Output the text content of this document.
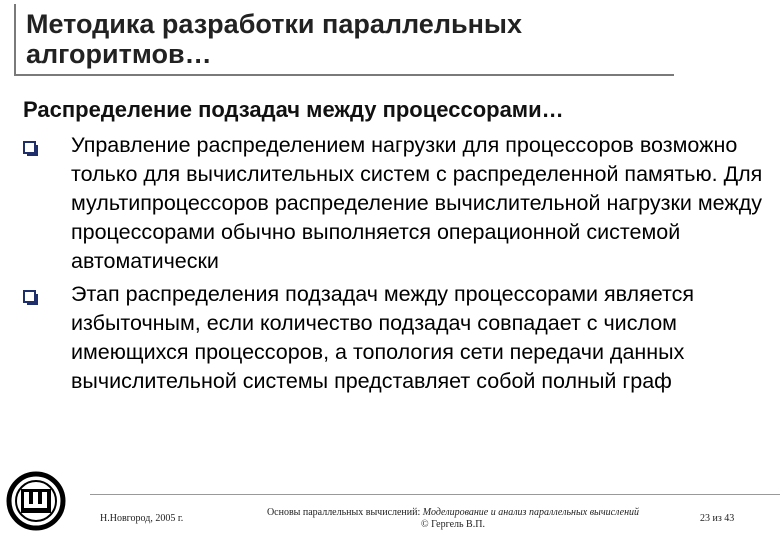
Методика разработки параллельных алгоритмов…
Распределение подзадач между процессорами…
Управление распределением нагрузки для процессоров возможно только для вычислительных систем с распределенной памятью. Для мультипроцессоров распределение вычислительной нагрузки между процессорами обычно выполняется операционной системой автоматически
Этап распределения подзадач между процессорами является избыточным, если количество подзадач совпадает с числом имеющихся процессоров, а топология сети передачи данных вычислительной системы представляет собой полный граф
Н.Новгород, 2005 г.
Основы параллельных вычислений: Моделирование и анализ параллельных вычислений
© Гергель В.П.
23 из 43
